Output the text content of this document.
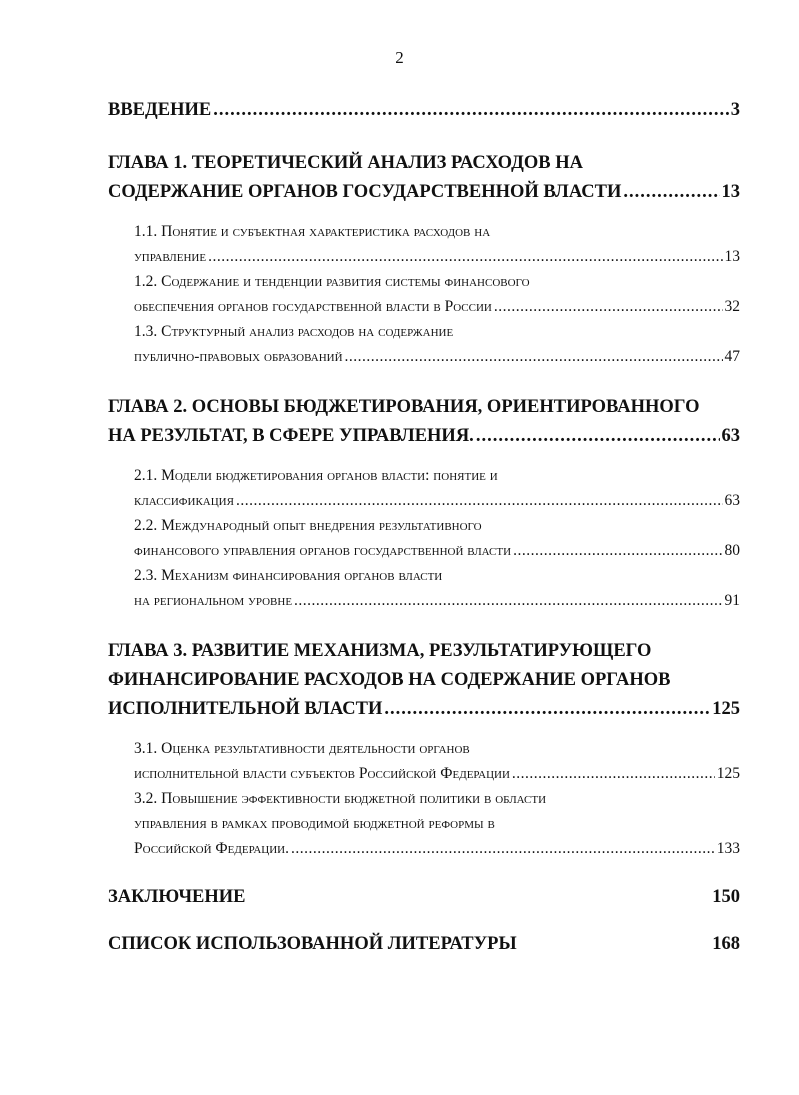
2
ВВЕДЕНИЕ .....	3
ГЛАВА 1. ТЕОРЕТИЧЕСКИЙ АНАЛИЗ РАСХОДОВ НА
СОДЕРЖАНИЕ ОРГАНОВ ГОСУДАРСТВЕННОЙ ВЛАСТИ .....	13
1.1. Понятие и субъектная характеристика расходов на
управление .....	13
1.2. Содержание и тенденции развития системы финансового
обеспечения органов государственной власти в России .....	32
1.3. Структурный анализ расходов на содержание
публично-правовых образований .....	47
ГЛАВА 2. ОСНОВЫ БЮДЖЕТИРОВАНИЯ, ОРИЕНТИРОВАННОГО
НА РЕЗУЛЬТАТ, В СФЕРЕ УПРАВЛЕНИЯ. .....	63
2.1. Модели бюджетирования органов власти: понятие и
классификация .....	63
2.2. Международный опыт внедрения результативного
финансового управления органов государственной власти .....	80
2.3. Механизм финансирования органов власти
на региональном уровне .....	91
ГЛАВА 3. РАЗВИТИЕ МЕХАНИЗМА, РЕЗУЛЬТАТИРУЮЩЕГО
ФИНАНСИРОВАНИЕ РАСХОДОВ НА СОДЕРЖАНИЕ ОРГАНОВ
ИСПОЛНИТЕЛЬНОЙ ВЛАСТИ .....	125
3.1. Оценка результативности деятельности органов
исполнительной власти субъектов Российской Федерации .....	125
3.2. Повышение эффективности бюджетной политики в области
управления в рамках проводимой бюджетной реформы в
Российской Федерации. .....	133
ЗАКЛЮЧЕНИЕ	150
СПИСОК ИСПОЛЬЗОВАННОЙ ЛИТЕРАТУРЫ	168
